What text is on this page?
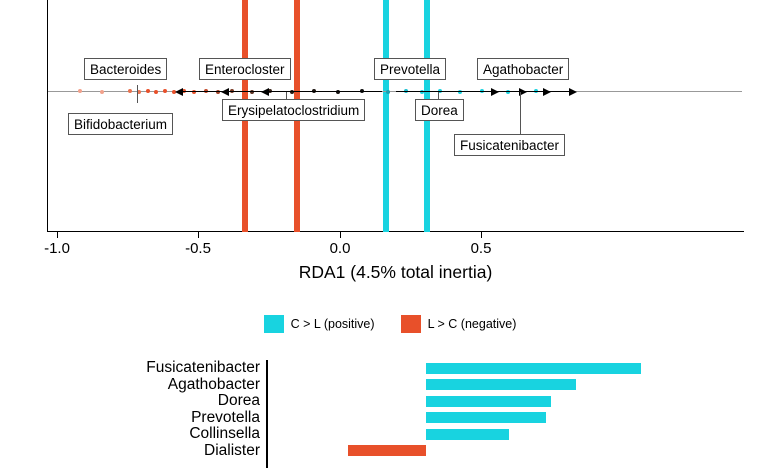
Bacteroides
Bifidobacterium
Enterocloster
Erysipelatoclostridium
Prevotella
Dorea
Agathobacter
Fusicatenibacter
-1.0	-0.5	0.0	0.5
RDA1 (4.5% total inertia)
C > L (positive)	L > C (negative)
Fusicatenibacter
Agathobacter
Dorea
Prevotella
Collinsella
Dialister
